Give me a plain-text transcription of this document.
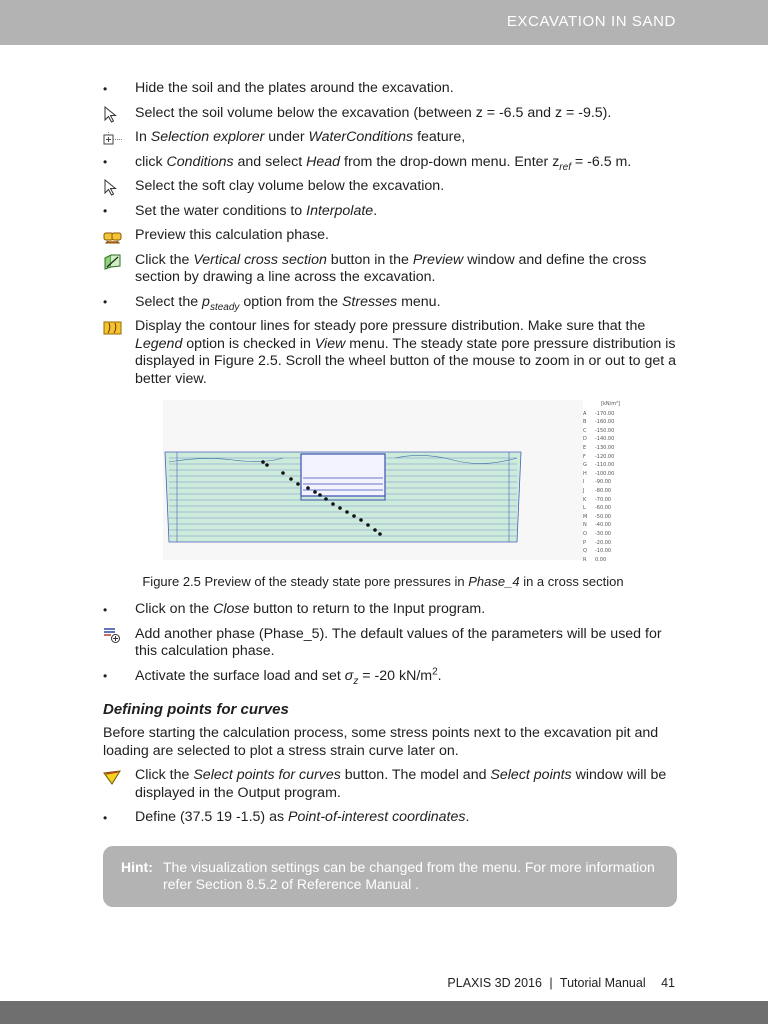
EXCAVATION IN SAND
•	Hide the soil and the plates around the excavation.
Select the soil volume below the excavation (between z = -6.5 and z = -9.5).
In Selection explorer under WaterConditions feature,
•	click Conditions and select Head from the drop-down menu. Enter $z_{ref} = -6.5$ m.
Select the soft clay volume below the excavation.
•	Set the water conditions to Interpolate.
Preview this calculation phase.
Click the Vertical cross section button in the Preview window and define the cross section by drawing a line across the excavation.
•	Select the $p_{steady}$ option from the Stresses menu.
Display the contour lines for steady pore pressure distribution. Make sure that the Legend option is checked in View menu. The steady state pore pressure distribution is displayed in Figure 2.5. Scroll the wheel button of the mouse to zoom in or out to get a better view.
[kN/m²]
A	-170.00
B	-160.00
C	-150.00
D	-140.00
E	-130.00
F	-120.00
G	-110.00
H	-100.00
I	-90.00
J	-80.00
K	-70.00
L	-60.00
M	-50.00
N	-40.00
O	-30.00
P	-20.00
Q	-10.00
R	0.00
Figure 2.5 Preview of the steady state pore pressures in Phase_4 in a cross section
•	Click on the Close button to return to the Input program.
Add another phase (Phase_5). The default values of the parameters will be used for this calculation phase.
•	Activate the surface load and set $\sigma_z = -20$ $kN/m^2$.
Defining points for curves
Before starting the calculation process, some stress points next to the excavation pit and loading are selected to plot a stress strain curve later on.
Click the Select points for curves button. The model and Select points window will be displayed in the Output program.
•	Define (37.5 19 -1.5) as Point-of-interest coordinates.
Hint: The visualization settings can be changed from the menu. For more information refer Section 8.5.2 of Reference Manual .
PLAXIS 3D 2016 | Tutorial Manual 41
